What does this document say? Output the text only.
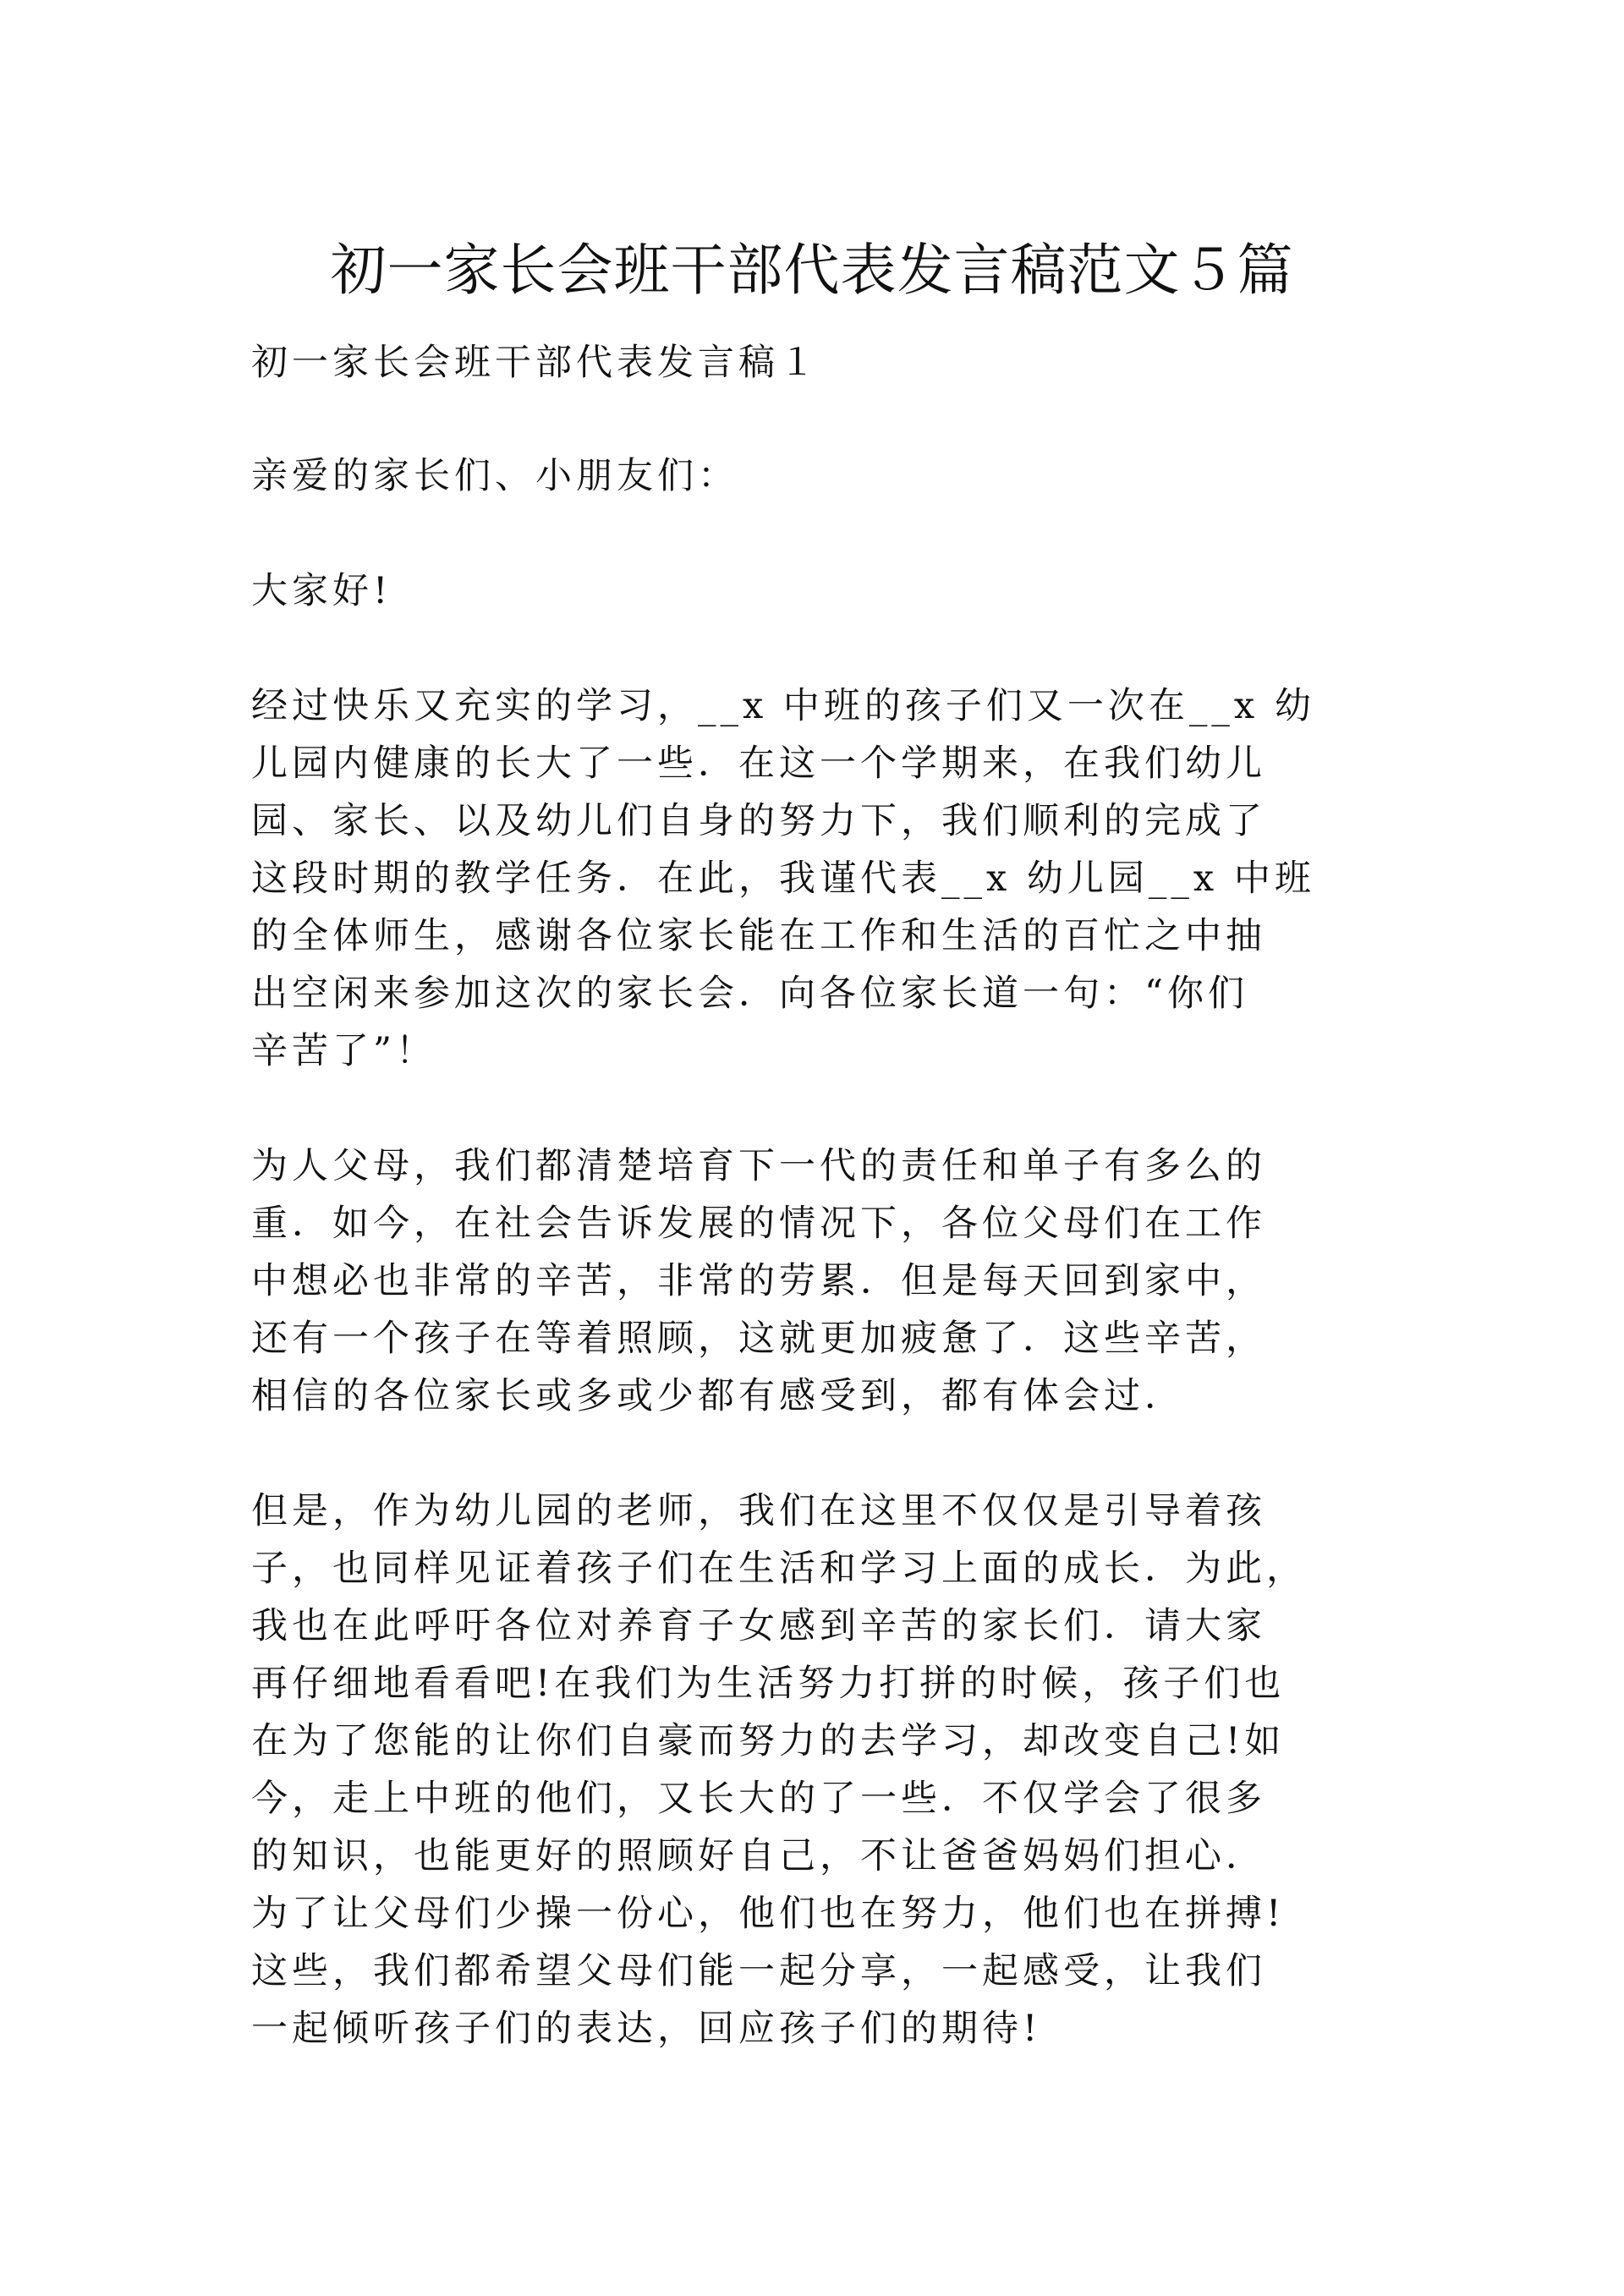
初一家长会班干部代表发言稿范文５篇

初一家长会班干部代表发言稿１

亲爱的家长们、小朋友们：

大家好!

经过快乐又充实的学习，__x 中班的孩子们又一次在__x 幼
儿园内健康的长大了一些．在这一个学期来，在我们幼儿
园、家长、以及幼儿们自身的努力下，我们顺利的完成了
这段时期的教学任务．在此，我谨代表__x 幼儿园__x 中班
的全体师生，感谢各位家长能在工作和生活的百忙之中抽
出空闲来参加这次的家长会．向各位家长道一句：“你们
辛苦了”！

为人父母，我们都清楚培育下一代的责任和单子有多么的
重．如今，在社会告诉发展的情况下，各位父母们在工作
中想必也非常的辛苦，非常的劳累．但是每天回到家中，
还有一个孩子在等着照顾，这就更加疲惫了．这些辛苦，
相信的各位家长或多或少都有感受到，都有体会过．

但是，作为幼儿园的老师，我们在这里不仅仅是引导着孩
子，也同样见证着孩子们在生活和学习上面的成长．为此，
我也在此呼吁各位对养育子女感到辛苦的家长们．请大家
再仔细地看看吧!在我们为生活努力打拼的时候，孩子们也
在为了您能的让你们自豪而努力的去学习，却改变自己!如
今，走上中班的他们，又长大的了一些．不仅学会了很多
的知识，也能更好的照顾好自己，不让爸爸妈妈们担心．
为了让父母们少操一份心，他们也在努力，他们也在拼搏!
这些，我们都希望父母们能一起分享，一起感受，让我们
一起倾听孩子们的表达，回应孩子们的期待!
